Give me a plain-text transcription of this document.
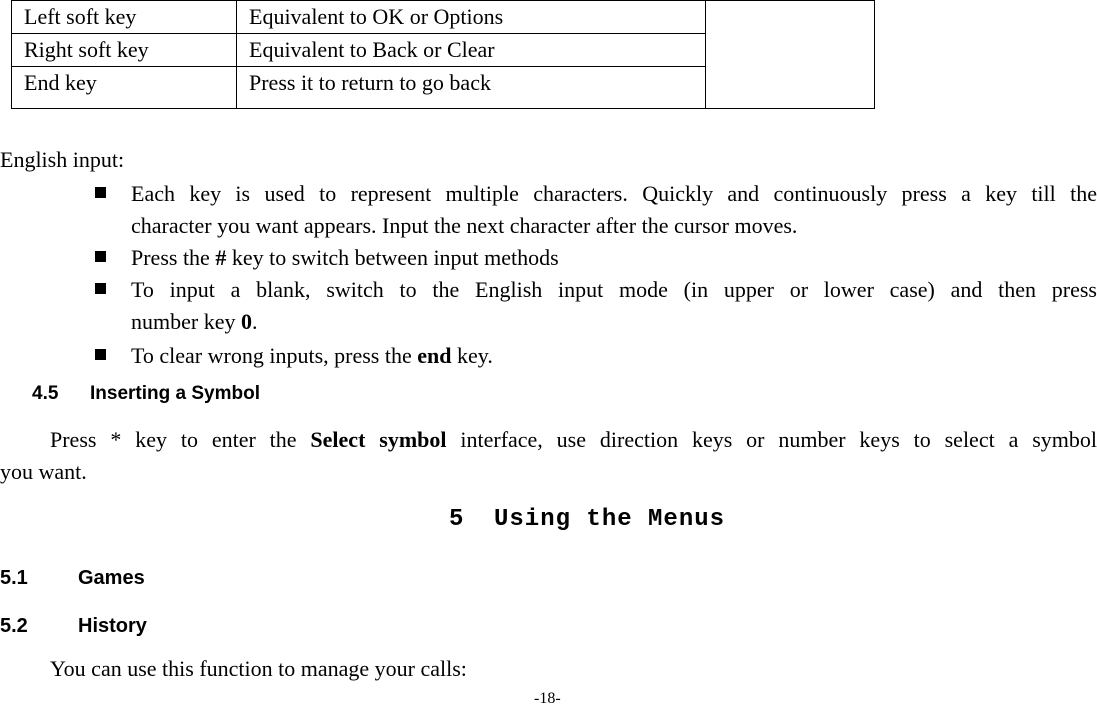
Left soft key	Equivalent to OK or Options	
Right soft key	Equivalent to Back or Clear	
End key	Press it to return to go back	
English input:
Each key is used to represent multiple characters. Quickly and continuously press a key till the
character you want appears. Input the next character after the cursor moves.
Press the # key to switch between input methods
To input a blank, switch to the English input mode (in upper or lower case) and then press
number key 0.
To clear wrong inputs, press the end key.
4.5 Inserting a Symbol
Press * key to enter the Select symbol interface, use direction keys or number keys to select a symbol
you want.
5 Using the Menus
5.1	Games
5.2	History
You can use this function to manage your calls:
-18-
